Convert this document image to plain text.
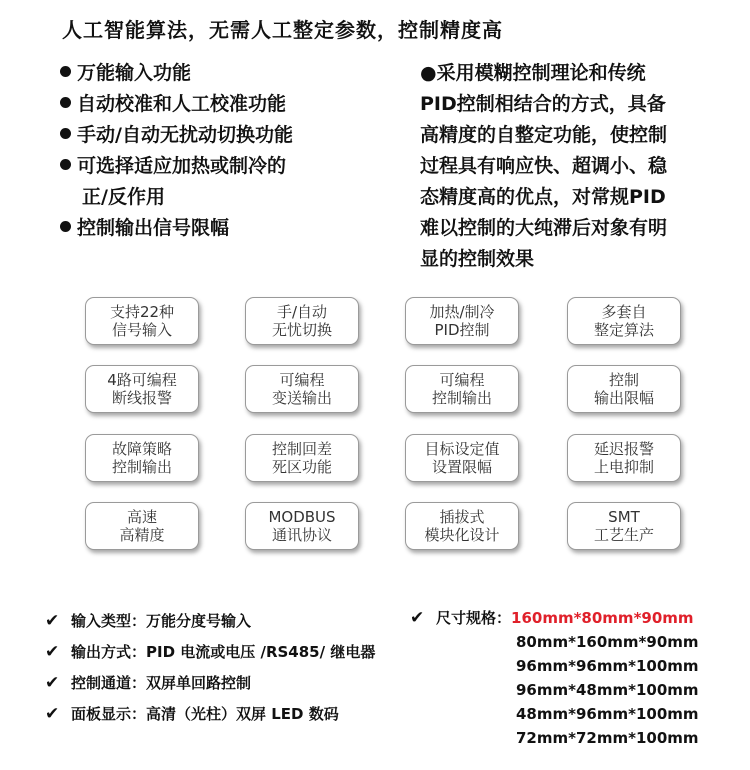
人工智能算法，无需人工整定参数，控制精度高
万能输入功能
自动校准和人工校准功能
手动/自动无扰动切换功能
可选择适应加热或制冷的
正/反作用
控制输出信号限幅
●采用模糊控制理论和传统
PID控制相结合的方式，具备
高精度的自整定功能，使控制
过程具有响应快、超调小、稳
态精度高的优点，对常规PID
难以控制的大纯滞后对象有明
显的控制效果
支持22种
信号输入
手/自动
无忧切换
加热/制冷
PID控制
多套自
整定算法
4路可编程
断线报警
可编程
变送输出
可编程
控制输出
控制
输出限幅
故障策略
控制输出
控制回差
死区功能
目标设定值
设置限幅
延迟报警
上电抑制
高速
高精度
MODBUS
通讯协议
插拔式
模块化设计
SMT
工艺生产
✔ 输入类型：万能分度号输入
✔ 输出方式：PID 电流或电压 /RS485/ 继电器
✔ 控制通道：双屏单回路控制
✔ 面板显示：高清（光柱）双屏 LED 数码
✔ 尺寸规格：160mm*80mm*90mm
80mm*160mm*90mm
96mm*96mm*100mm
96mm*48mm*100mm
48mm*96mm*100mm
72mm*72mm*100mm
